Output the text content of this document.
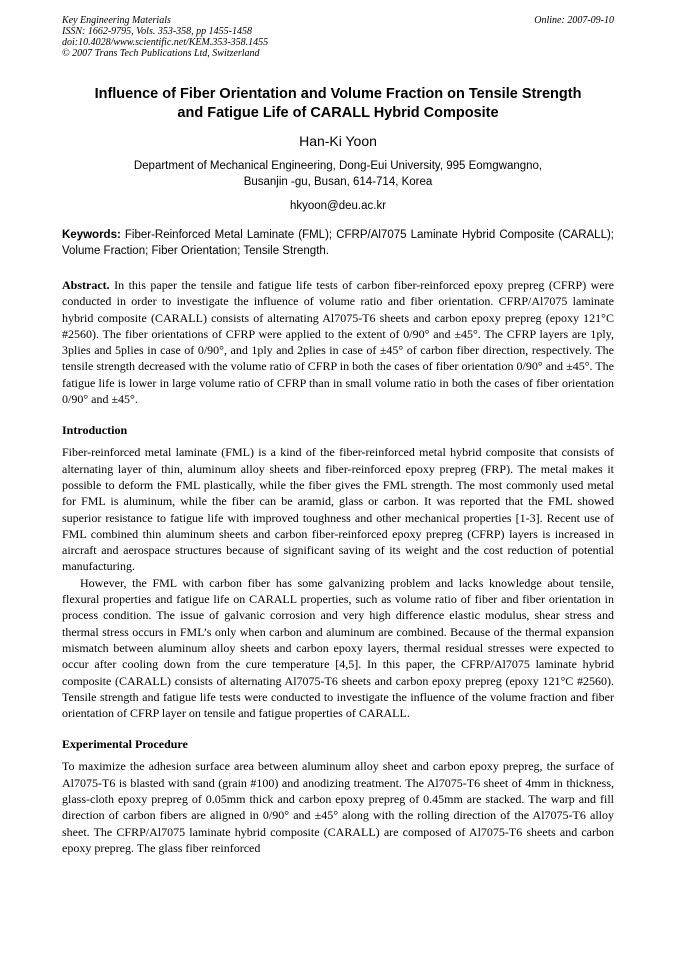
Key Engineering Materials
ISSN: 1662-9795, Vols. 353-358, pp 1455-1458
doi:10.4028/www.scientific.net/KEM.353-358.1455
© 2007 Trans Tech Publications Ltd, Switzerland
Online: 2007-09-10
Influence of Fiber Orientation and Volume Fraction on Tensile Strength
and Fatigue Life of CARALL Hybrid Composite
Han-Ki Yoon
Department of Mechanical Engineering, Dong-Eui University, 995 Eomgwangno,
Busanjin -gu, Busan, 614-714, Korea
hkyoon@deu.ac.kr
Keywords: Fiber-Reinforced Metal Laminate (FML); CFRP/Al7075 Laminate Hybrid Composite (CARALL); Volume Fraction; Fiber Orientation; Tensile Strength.
Abstract. In this paper the tensile and fatigue life tests of carbon fiber-reinforced epoxy prepreg (CFRP) were conducted in order to investigate the influence of volume ratio and fiber orientation. CFRP/Al7075 laminate hybrid composite (CARALL) consists of alternating Al7075-T6 sheets and carbon epoxy prepreg (epoxy 121°C #2560). The fiber orientations of CFRP were applied to the extent of 0/90° and ±45°. The CFRP layers are 1ply, 3plies and 5plies in case of 0/90°, and 1ply and 2plies in case of ±45° of carbon fiber direction, respectively. The tensile strength decreased with the volume ratio of CFRP in both the cases of fiber orientation 0/90° and ±45°. The fatigue life is lower in large volume ratio of CFRP than in small volume ratio in both the cases of fiber orientation 0/90° and ±45°.
Introduction
Fiber-reinforced metal laminate (FML) is a kind of the fiber-reinforced metal hybrid composite that consists of alternating layer of thin, aluminum alloy sheets and fiber-reinforced epoxy prepreg (FRP). The metal makes it possible to deform the FML plastically, while the fiber gives the FML strength. The most commonly used metal for FML is aluminum, while the fiber can be aramid, glass or carbon. It was reported that the FML showed superior resistance to fatigue life with improved toughness and other mechanical properties [1-3]. Recent use of FML combined thin aluminum sheets and carbon fiber-reinforced epoxy prepreg (CFRP) layers is increased in aircraft and aerospace structures because of significant saving of its weight and the cost reduction of potential manufacturing.
However, the FML with carbon fiber has some galvanizing problem and lacks knowledge about tensile, flexural properties and fatigue life on CARALL properties, such as volume ratio of fiber and fiber orientation in process condition. The issue of galvanic corrosion and very high difference elastic modulus, shear stress and thermal stress occurs in FML’s only when carbon and aluminum are combined. Because of the thermal expansion mismatch between aluminum alloy sheets and carbon epoxy layers, thermal residual stresses were expected to occur after cooling down from the cure temperature [4,5]. In this paper, the CFRP/Al7075 laminate hybrid composite (CARALL) consists of alternating Al7075-T6 sheets and carbon epoxy prepreg (epoxy 121°C #2560). Tensile strength and fatigue life tests were conducted to investigate the influence of the volume fraction and fiber orientation of CFRP layer on tensile and fatigue properties of CARALL.
Experimental Procedure
To maximize the adhesion surface area between aluminum alloy sheet and carbon epoxy prepreg, the surface of Al7075-T6 is blasted with sand (grain #100) and anodizing treatment. The Al7075-T6 sheet of 4mm in thickness, glass-cloth epoxy prepreg of 0.05mm thick and carbon epoxy prepreg of 0.45mm are stacked. The warp and fill direction of carbon fibers are aligned in 0/90° and ±45° along with the rolling direction of the Al7075-T6 alloy sheet. The CFRP/Al7075 laminate hybrid composite (CARALL) are composed of Al7075-T6 sheets and carbon epoxy prepreg. The glass fiber reinforced
